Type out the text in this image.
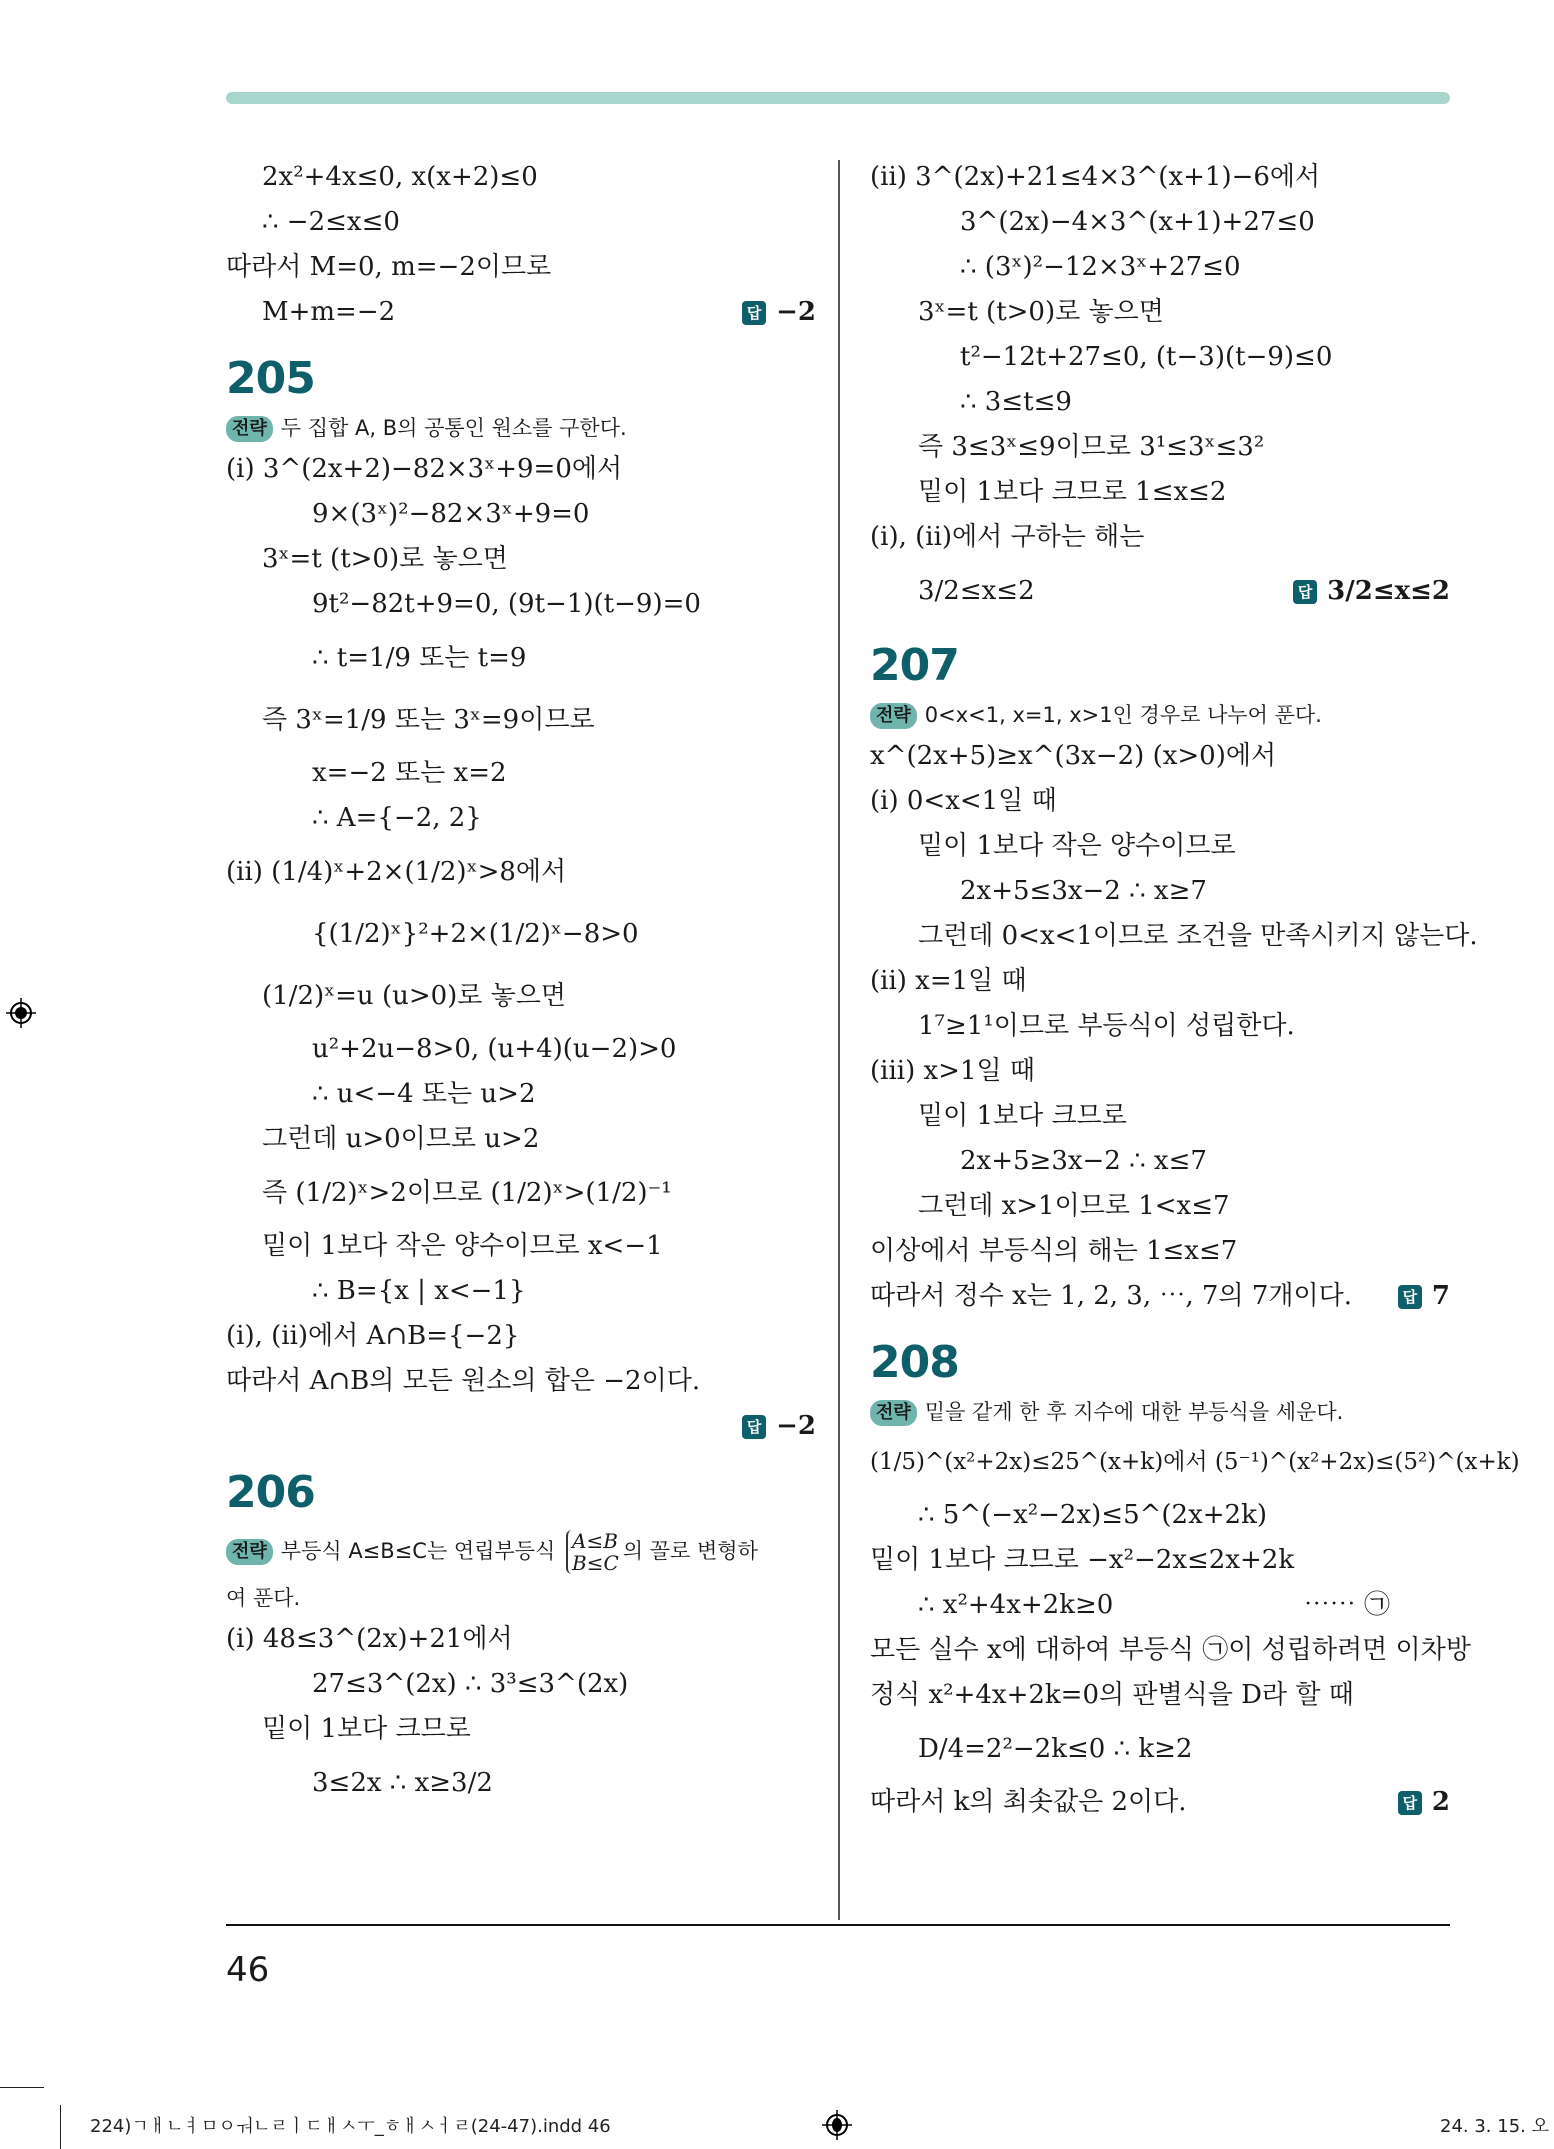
2x²+4x≤0, x(x+2)≤0
∴ −2≤x≤0
따라서 M=0, m=−2이므로
M+m=−2	답 −2
205
전략 두 집합 A, B의 공통인 원소를 구한다.
(i) 3^(2x+2)−82×3ˣ+9=0에서
9×(3ˣ)²−82×3ˣ+9=0
3ˣ=t (t>0)로 놓으면
9t²−82t+9=0, (9t−1)(t−9)=0
∴ t=1/9 또는 t=9
즉 3ˣ=1/9 또는 3ˣ=9이므로
x=−2 또는 x=2
∴ A={−2, 2}
(ii) (1/4)ˣ+2×(1/2)ˣ>8에서
{(1/2)ˣ}²+2×(1/2)ˣ−8>0
(1/2)ˣ=u (u>0)로 놓으면
u²+2u−8>0, (u+4)(u−2)>0
∴ u<−4 또는 u>2
그런데 u>0이므로 u>2
즉 (1/2)ˣ>2이므로 (1/2)ˣ>(1/2)⁻¹
밑이 1보다 작은 양수이므로 x<−1
∴ B={x | x<−1}
(i), (ii)에서 A∩B={−2}
따라서 A∩B의 모든 원소의 합은 −2이다.
답 −2
206
전략 부등식 A≤B≤C는 연립부등식 A≤B
B≤C 의 꼴로 변형하
여 푼다.
(i) 48≤3^(2x)+21에서
27≤3^(2x) ∴ 3³≤3^(2x)
밑이 1보다 크므로
3≤2x ∴ x≥3/2
(ii) 3^(2x)+21≤4×3^(x+1)−6에서
3^(2x)−4×3^(x+1)+27≤0
∴ (3ˣ)²−12×3ˣ+27≤0
3ˣ=t (t>0)로 놓으면
t²−12t+27≤0, (t−3)(t−9)≤0
∴ 3≤t≤9
즉 3≤3ˣ≤9이므로 3¹≤3ˣ≤3²
밑이 1보다 크므로 1≤x≤2
(i), (ii)에서 구하는 해는
3/2≤x≤2	답 3/2≤x≤2
207
전략 0<x<1, x=1, x>1인 경우로 나누어 푼다.
x^(2x+5)≥x^(3x−2) (x>0)에서
(i) 0<x<1일 때
밑이 1보다 작은 양수이므로
2x+5≤3x−2 ∴ x≥7
그런데 0<x<1이므로 조건을 만족시키지 않는다.
(ii) x=1일 때
1⁷≥1¹이므로 부등식이 성립한다.
(iii) x>1일 때
밑이 1보다 크므로
2x+5≥3x−2 ∴ x≤7
그런데 x>1이므로 1<x≤7
이상에서 부등식의 해는 1≤x≤7
따라서 정수 x는 1, 2, 3, ⋯, 7의 7개이다.	답 7
208
전략 밑을 같게 한 후 지수에 대한 부등식을 세운다.
(1/5)^(x²+2x)≤25^(x+k)에서 (5⁻¹)^(x²+2x)≤(5²)^(x+k)
∴ 5^(−x²−2x)≤5^(2x+2k)
밑이 1보다 크므로 −x²−2x≤2x+2k
∴ x²+4x+2k≥0	⋯⋯ ㉠
모든 실수 x에 대하여 부등식 ㉠이 성립하려면 이차방
정식 x²+4x+2k=0의 판별식을 D라 할 때
D/4=2²−2k≤0 ∴ k≥2
따라서 k의 최솟값은 2이다.	답 2
46
224)ㄱㅐㄴㅕㅁㅇㅝㄴㄹㅣㄷㅐㅅㅜ_ㅎㅐㅅㅓㄹ(24-47).indd 46	24. 3. 15. 오
